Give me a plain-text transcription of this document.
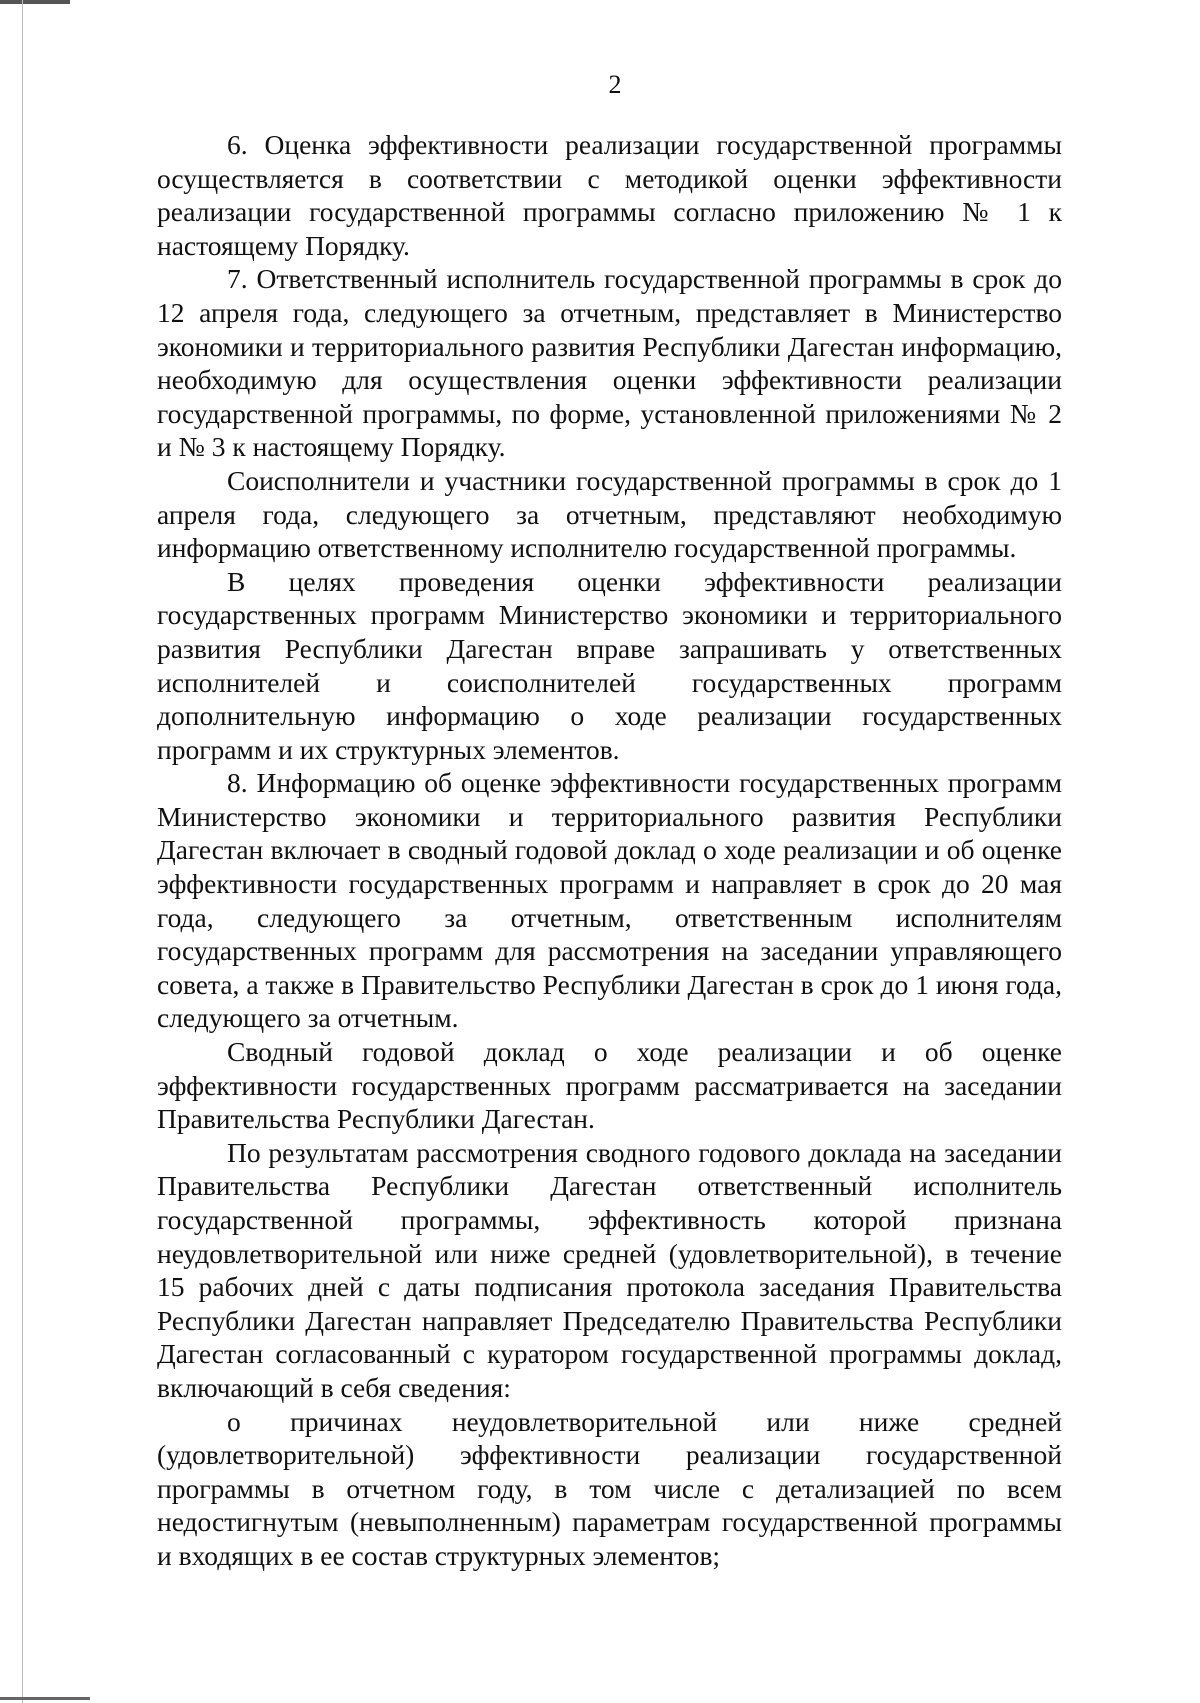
2

6. Оценка эффективности реализации государственной программы осуществляется в соответствии с методикой оценки эффективности реализации государственной программы согласно приложению № 1 к настоящему Порядку.

7. Ответственный исполнитель государственной программы в срок до 12 апреля года, следующего за отчетным, представляет в Министерство экономики и территориального развития Республики Дагестан информацию, необходимую для осуществления оценки эффективности реализации государственной программы, по форме, установленной приложениями № 2 и № 3 к настоящему Порядку.

Соисполнители и участники государственной программы в срок до 1 апреля года, следующего за отчетным, представляют необходимую информацию ответственному исполнителю государственной программы.

В целях проведения оценки эффективности реализации государственных программ Министерство экономики и территориального развития Республики Дагестан вправе запрашивать у ответственных исполнителей и соисполнителей государственных программ дополнительную информацию о ходе реализации государственных программ и их структурных элементов.

8. Информацию об оценке эффективности государственных программ Министерство экономики и территориального развития Республики Дагестан включает в сводный годовой доклад о ходе реализации и об оценке эффективности государственных программ и направляет в срок до 20 мая года, следующего за отчетным, ответственным исполнителям государственных программ для рассмотрения на заседании управляющего совета, а также в Правительство Республики Дагестан в срок до 1 июня года, следующего за отчетным.

Сводный годовой доклад о ходе реализации и об оценке эффективности государственных программ рассматривается на заседании Правительства Республики Дагестан.

По результатам рассмотрения сводного годового доклада на заседании Правительства Республики Дагестан ответственный исполнитель государственной программы, эффективность которой признана неудовлетворительной или ниже средней (удовлетворительной), в течение 15 рабочих дней с даты подписания протокола заседания Правительства Республики Дагестан направляет Председателю Правительства Республики Дагестан согласованный с куратором государственной программы доклад, включающий в себя сведения:

о причинах неудовлетворительной или ниже средней (удовлетворительной) эффективности реализации государственной программы в отчетном году, в том числе с детализацией по всем недостигнутым (невыполненным) параметрам государственной программы и входящих в ее состав структурных элементов;
